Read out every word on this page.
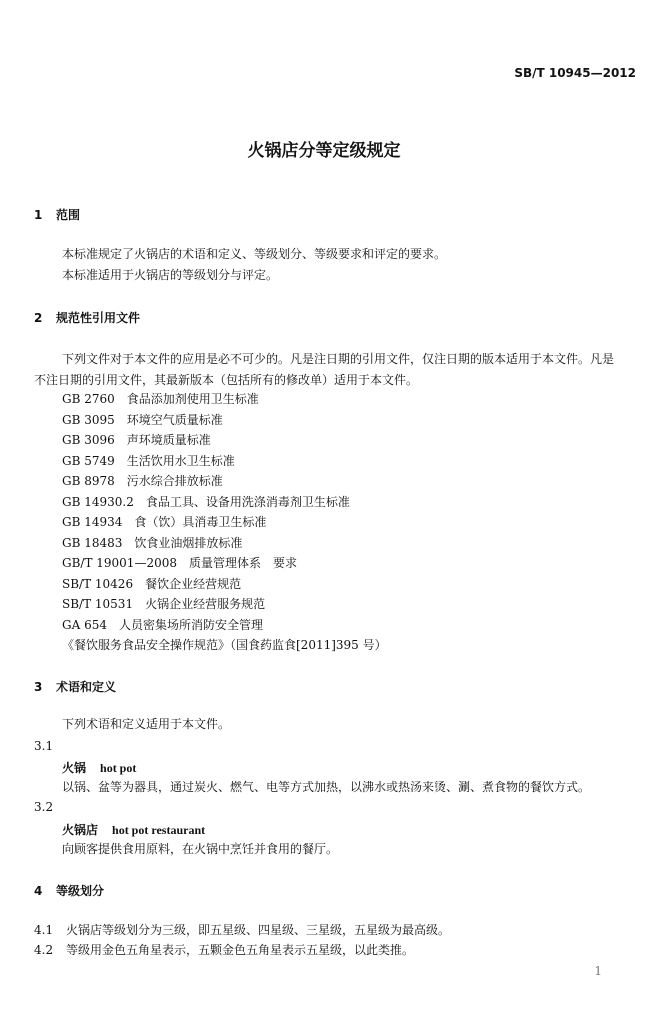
SB/T 10945—2012
火锅店分等定级规定
1 范围
本标准规定了火锅店的术语和定义、等级划分、等级要求和评定的要求。
本标准适用于火锅店的等级划分与评定。
2 规范性引用文件
下列文件对于本文件的应用是必不可少的。凡是注日期的引用文件，仅注日期的版本适用于本文件。凡是不注日期的引用文件，其最新版本（包括所有的修改单）适用于本文件。
GB 2760　食品添加剂使用卫生标准
GB 3095　环境空气质量标准
GB 3096　声环境质量标准
GB 5749　生活饮用水卫生标准
GB 8978　污水综合排放标准
GB 14930.2　食品工具、设备用洗涤消毒剂卫生标准
GB 14934　食（饮）具消毒卫生标准
GB 18483　饮食业油烟排放标准
GB/T 19001—2008　质量管理体系　要求
SB/T 10426　餐饮企业经营规范
SB/T 10531　火锅企业经营服务规范
GA 654　人员密集场所消防安全管理
《餐饮服务食品安全操作规范》（国食药监食[2011]395 号）
3 术语和定义
下列术语和定义适用于本文件。
3.1
火锅 hot pot
以锅、盆等为器具，通过炭火、燃气、电等方式加热，以沸水或热汤来烫、涮、煮食物的餐饮方式。
3.2
火锅店 hot pot restaurant
向顾客提供食用原料，在火锅中烹饪并食用的餐厅。
4 等级划分
4.1 火锅店等级划分为三级，即五星级、四星级、三星级，五星级为最高级。
4.2 等级用金色五角星表示，五颗金色五角星表示五星级，以此类推。
1
